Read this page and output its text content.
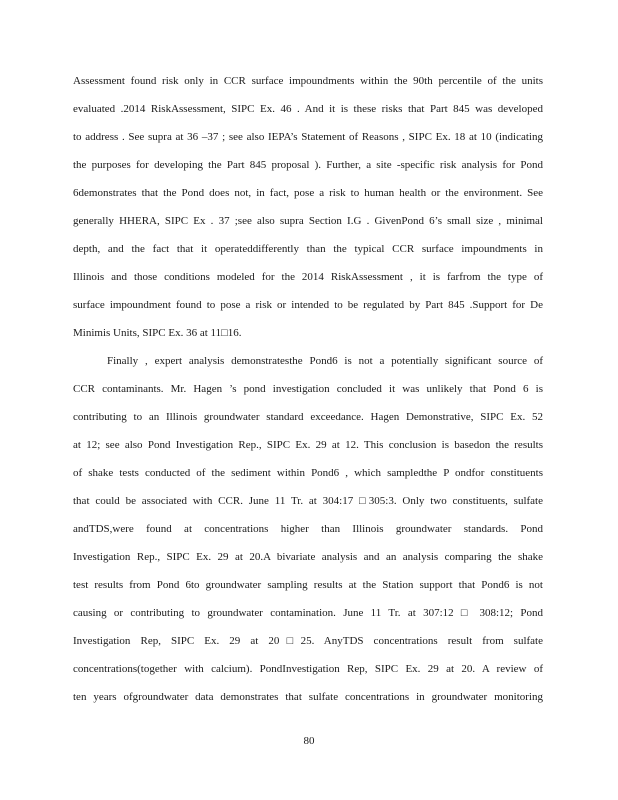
Assessment found risk only in CCR surface impoundments within the 90th percentile of the units
evaluated .2014 RiskAssessment, SIPC Ex. 46 . And it is these risks that Part 845 was developed
to address . See supra at 36 –37 ; see also IEPA’s Statement of Reasons , SIPC Ex. 18 at 10 (indicating
the purposes for developing the Part 845 proposal ). Further, a site -specific risk analysis for Pond
6demonstrates that the Pond does not, in fact, pose a risk to human health or the environment. See
generally HHERA, SIPC Ex . 37 ;see also supra Section I.G . GivenPond 6’s small size , minimal
depth, and the fact that it operateddifferently than the typical CCR surface impoundments in
Illinois and those conditions modeled for the 2014 RiskAssessment , it is farfrom the type of
surface impoundment found to pose a risk or intended to be regulated by Part 845 .Support for De
Minimis Units, SIPC Ex. 36 at 11□16.
Finally , expert analysis demonstratesthe Pond6 is not a potentially significant source of
CCR contaminants. Mr. Hagen ’s pond investigation concluded it was unlikely that Pond 6 is
contributing to an Illinois groundwater standard exceedance. Hagen Demonstrative, SIPC Ex. 52
at 12; see also Pond Investigation Rep., SIPC Ex. 29 at 12. This conclusion is basedon the results
of shake tests conducted of the sediment within Pond6 , which sampledthe P ondfor constituents
that could be associated with CCR. June 11 Tr. at 304:17 □305:3. Only two constituents, sulfate
andTDS,were found at concentrations higher than Illinois groundwater standards. Pond
Investigation Rep., SIPC Ex. 29 at 20.A bivariate analysis and an analysis comparing the shake
test results from Pond 6to groundwater sampling results at the Station support that Pond6 is not
causing or contributing to groundwater contamination. June 11 Tr. at 307:12 □ 308:12; Pond
Investigation Rep, SIPC Ex. 29 at 20□25. AnyTDS concentrations result from sulfate
concentrations(together with calcium). PondInvestigation Rep, SIPC Ex. 29 at 20. A review of
ten years ofgroundwater data demonstrates that sulfate concentrations in groundwater monitoring
80
